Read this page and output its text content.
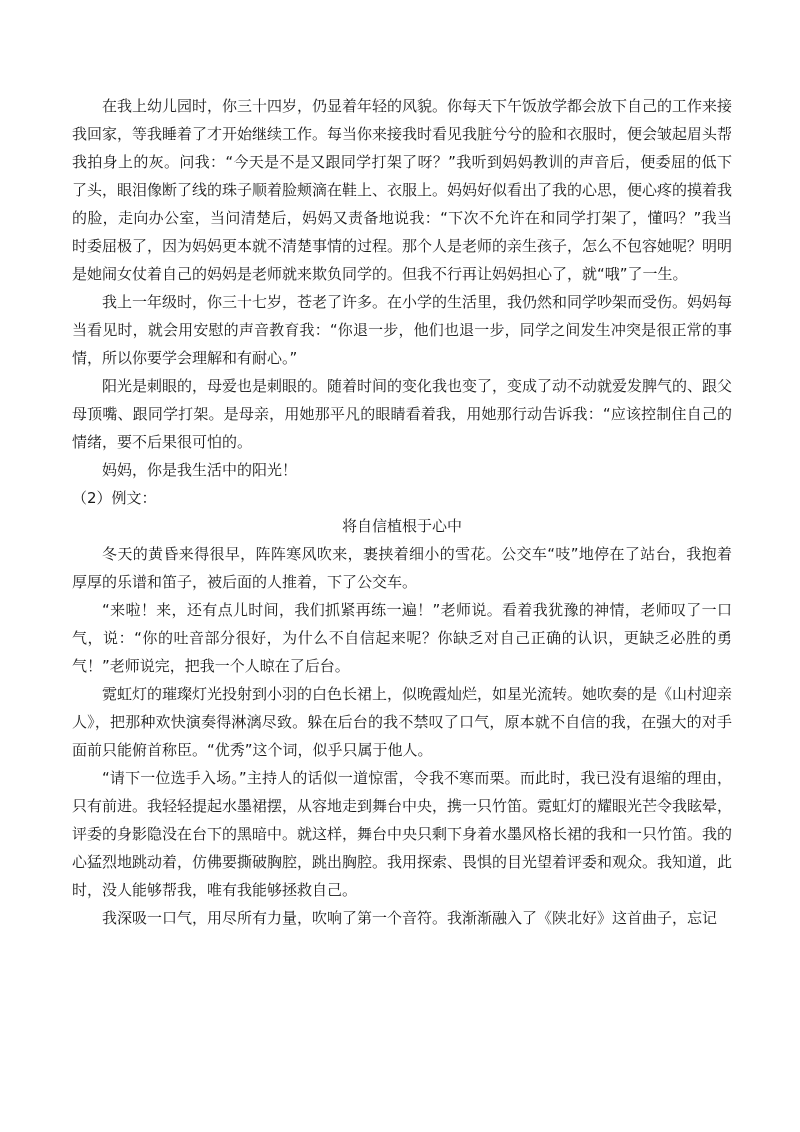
在我上幼儿园时，你三十四岁，仍显着年轻的风貌。你每天下午饭放学都会放下自己的工作来接我回家，等我睡着了才开始继续工作。每当你来接我时看见我脏兮兮的脸和衣服时，便会皱起眉头帮我拍身上的灰。问我：“今天是不是又跟同学打架了呀？”我听到妈妈教训的声音后，便委屈的低下了头，眼泪像断了线的珠子顺着脸颊滴在鞋上、衣服上。妈妈好似看出了我的心思，便心疼的摸着我的脸，走向办公室，当问清楚后，妈妈又责备地说我：“下次不允许在和同学打架了，懂吗？”我当时委屈极了，因为妈妈更本就不清楚事情的过程。那个人是老师的亲生孩子，怎么不包容她呢？明明是她闹女仗着自己的妈妈是老师就来欺负同学的。但我不行再让妈妈担心了，就“哦”了一生。

我上一年级时，你三十七岁，苍老了许多。在小学的生活里，我仍然和同学吵架而受伤。妈妈每当看见时，就会用安慰的声音教育我：“你退一步，他们也退一步，同学之间发生冲突是很正常的事情，所以你要学会理解和有耐心。”

阳光是刺眼的，母爱也是刺眼的。随着时间的变化我也变了，变成了动不动就爱发脾气的、跟父母顶嘴、跟同学打架。是母亲，用她那平凡的眼睛看着我，用她那行动告诉我：“应该控制住自己的情绪，要不后果很可怕的。

妈妈，你是我生活中的阳光！

（2）例文：

将自信植根于心中

冬天的黄昏来得很早，阵阵寒风吹来，裹挟着细小的雪花。公交车“吱”地停在了站台，我抱着厚厚的乐谱和笛子，被后面的人推着，下了公交车。

“来啦！来，还有点儿时间，我们抓紧再练一遍！”老师说。看着我犹豫的神情，老师叹了一口气，说：“你的吐音部分很好，为什么不自信起来呢？你缺乏对自己正确的认识，更缺乏必胜的勇气！”老师说完，把我一个人晾在了后台。

霓虹灯的璀璨灯光投射到小羽的白色长裙上，似晚霞灿烂，如星光流转。她吹奏的是《山村迎亲人》，把那种欢快演奏得淋漓尽致。躲在后台的我不禁叹了口气，原本就不自信的我，在强大的对手面前只能俯首称臣。“优秀”这个词，似乎只属于他人。

“请下一位选手入场。”主持人的话似一道惊雷，令我不寒而栗。而此时，我已没有退缩的理由，只有前进。我轻轻提起水墨裙摆，从容地走到舞台中央，携一只竹笛。霓虹灯的耀眼光芒令我眩晕，评委的身影隐没在台下的黑暗中。就这样，舞台中央只剩下身着水墨风格长裙的我和一只竹笛。我的心猛烈地跳动着，仿佛要撕破胸腔，跳出胸腔。我用探索、畏惧的目光望着评委和观众。我知道，此时，没人能够帮我，唯有我能够拯救自己。

我深吸一口气，用尽所有力量，吹响了第一个音符。我渐渐融入了《陕北好》这首曲子，忘记
